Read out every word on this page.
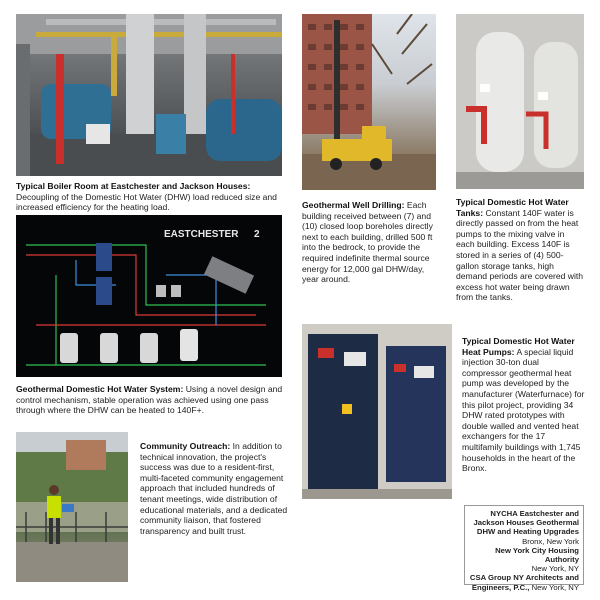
Typical Boiler Room at Eastchester and Jackson Houses: Decoupling of the Domestic Hot Water (DHW) load reduced size and increased efficiency for the heating load.	Geothermal Well Drilling: Each building received between (7) and (10) closed loop boreholes directly next to each building, drilled 500 ft into the bedrock, to provide the required indefinite thermal source energy for 12,000 gal DHW/day, year around.
Typical Domestic Hot Water Tanks: Constant 140F water is directly passed on from the heat pumps to the mixing valve in each building. Excess 140F is stored in a series of (4) 500-gallon storage tanks, high demand periods are covered with excess hot water being drawn from the tanks.
EASTCHESTER 2
Geothermal Domestic Hot Water System: Using a novel design and control mechanism, stable operation was achieved using one pass through where the DHW can be heated to 140F+.
Typical Domestic Hot Water Heat Pumps: A special liquid injection 30-ton dual compressor geothermal heat pump was developed by the manufacturer (Waterfurnace) for this pilot project, providing 34 DHW rated prototypes with double walled and vented heat exchangers for the 17 multifamily buildings with 1,745 households in the heart of the Bronx.
Community Outreach: In addition to technical innovation, the project's success was due to a resident-first, multi-faceted community engagement approach that included hundreds of tenant meetings, wide distribution of educational materials, and a dedicated community liaison, that fostered transparency and built trust.
NYCHA Eastchester and Jackson Houses Geothermal DHW and Heating Upgrades
Bronx, New York
New York City Housing Authority
New York, NY
CSA Group NY Architects and Engineers, P.C., New York, NY
